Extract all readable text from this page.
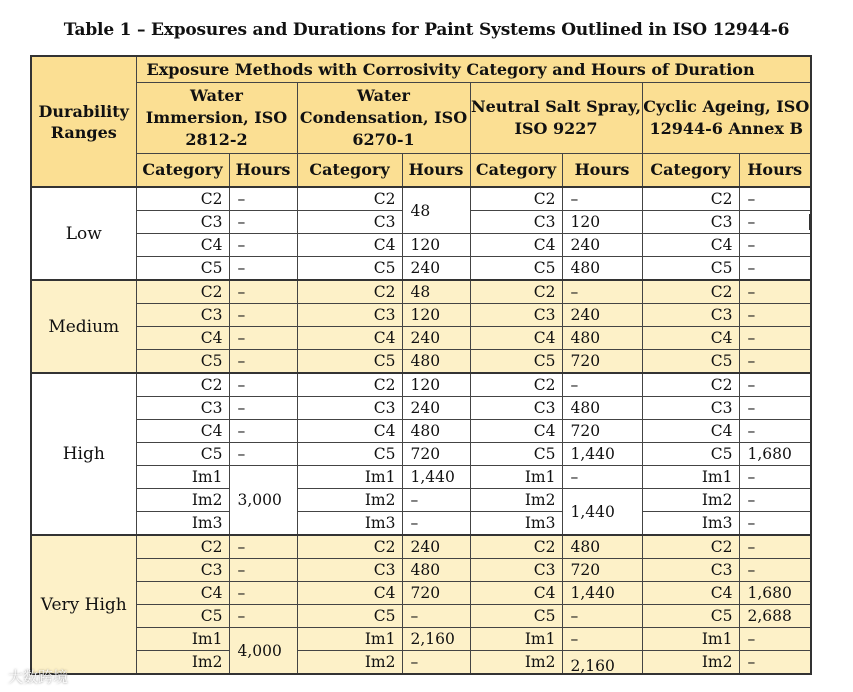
Table 1 – Exposures and Durations for Paint Systems Outlined in ISO 12944-6
Durability Ranges	Exposure Methods with Corrosivity Category and Hours of Duration							
	Water Immersion, ISO 2812-2		Water Condensation, ISO 6270-1		Neutral Salt Spray, ISO 9227		Cyclic Ageing, ISO 12944-6 Annex B	
	Category	Hours	Category	Hours	Category	Hours	Category	Hours
Low	C2	–	C2	48	C2	–	C2	–
	C3	–	C3		C3	120	C3	–
	C4	–	C4	120	C4	240	C4	–
	C5	–	C5	240	C5	480	C5	–
Medium	C2	–	C2	48	C2	–	C2	–
	C3	–	C3	120	C3	240	C3	–
	C4	–	C4	240	C4	480	C4	–
	C5	–	C5	480	C5	720	C5	–
High	C2	–	C2	120	C2	–	C2	–
	C3	–	C3	240	C3	480	C3	–
	C4	–	C4	480	C4	720	C4	–
	C5	–	C5	720	C5	1,440	C5	1,680
	Im1	3,000	Im1	1,440	Im1	–	Im1	–
	Im2		Im2	–	Im2	1,440	Im2	–
	Im3		Im3	–	Im3		Im3	–
Very High	C2	–	C2	240	C2	480	C2	–
	C3	–	C3	480	C3	720	C3	–
	C4	–	C4	720	C4	1,440	C4	1,680
	C5	–	C5	–	C5	–	C5	2,688
	Im1	4,000	Im1	2,160	Im1	–	Im1	–
	Im2		Im2	–	Im2	2,160	Im2	–
大数跨境
